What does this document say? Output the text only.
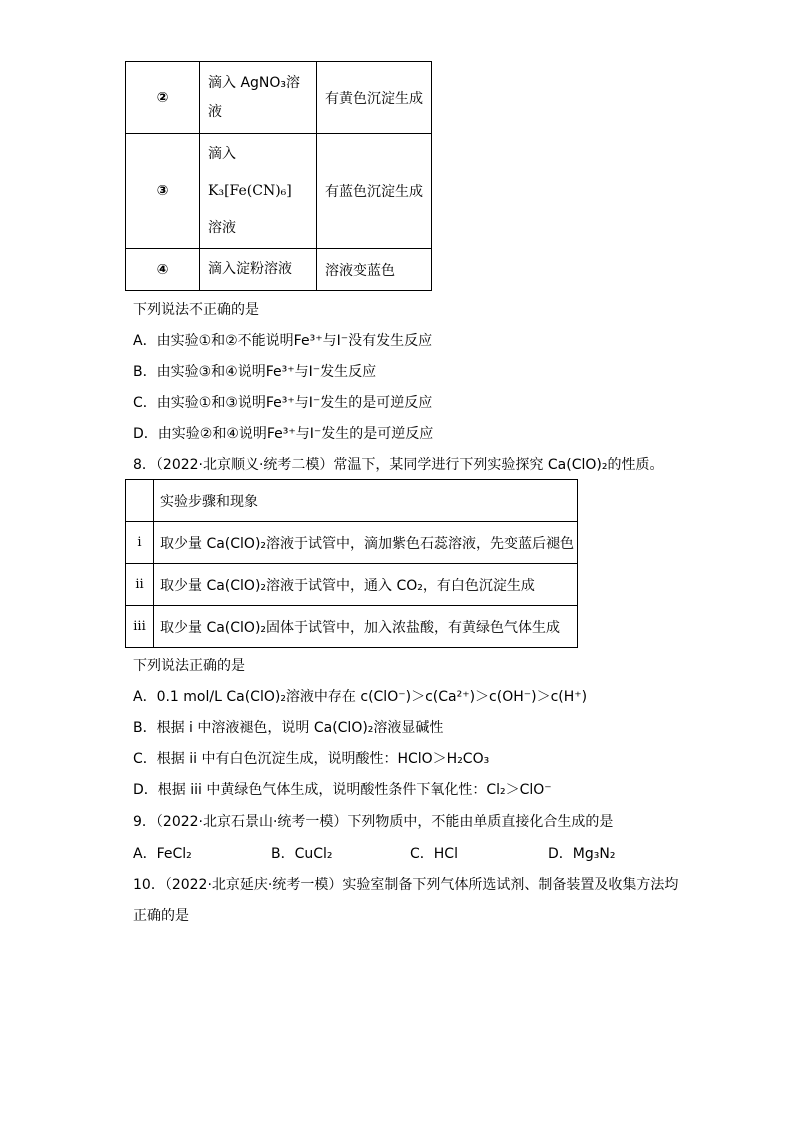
②	滴入 AgNO₃溶
液	有黄色沉淀生成
③	滴入
K₃[Fe(CN)₆]
溶液	有蓝色沉淀生成
④	滴入淀粉溶液	溶液变蓝色
下列说法不正确的是
A．由实验①和②不能说明Fe³⁺与I⁻没有发生反应
B．由实验③和④说明Fe³⁺与I⁻发生反应
C．由实验①和③说明Fe³⁺与I⁻发生的是可逆反应
D．由实验②和④说明Fe³⁺与I⁻发生的是可逆反应
8．（2022·北京顺义·统考二模）常温下，某同学进行下列实验探究 Ca(ClO)₂的性质。
	实验步骤和现象
i	取少量 Ca(ClO)₂溶液于试管中，滴加紫色石蕊溶液，先变蓝后褪色
ii	取少量 Ca(ClO)₂溶液于试管中，通入 CO₂，有白色沉淀生成
iii	取少量 Ca(ClO)₂固体于试管中，加入浓盐酸，有黄绿色气体生成
下列说法正确的是
A．0.1 mol/L Ca(ClO)₂溶液中存在 c(ClO⁻)＞c(Ca²⁺)＞c(OH⁻)＞c(H⁺)
B．根据 i 中溶液褪色，说明 Ca(ClO)₂溶液显碱性
C．根据 ii 中有白色沉淀生成，说明酸性：HClO＞H₂CO₃
D．根据 iii 中黄绿色气体生成，说明酸性条件下氧化性：Cl₂＞ClO⁻
9．（2022·北京石景山·统考一模）下列物质中，不能由单质直接化合生成的是
A．FeCl₂	B．CuCl₂	C．HCl	D．Mg₃N₂
10．（2022·北京延庆·统考一模）实验室制备下列气体所选试剂、制备装置及收集方法均
正确的是
